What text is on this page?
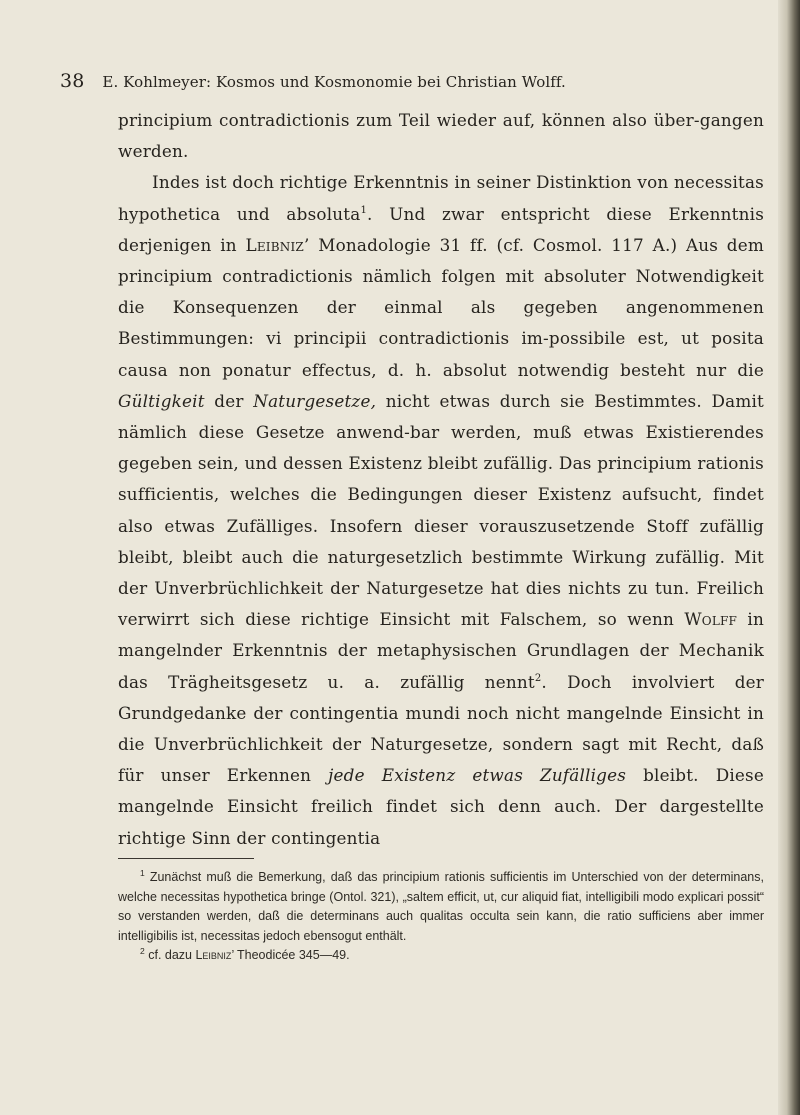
38 E. Kohlmeyer: Kosmos und Kosmonomie bei Christian Wolff.

principium contradictionis zum Teil wieder auf, können also über-gangen werden.

Indes ist doch richtige Erkenntnis in seiner Distinktion von necessitas hypothetica und absoluta$^1$. Und zwar entspricht diese Erkenntnis derjenigen in Leibniz’ Monadologie 31 ff. (cf. Cosmol. 117 A.) Aus dem principium contradictionis nämlich folgen mit absoluter Notwendigkeit die Konsequenzen der einmal als gegeben angenommenen Bestimmungen: vi principii contradictionis im-possibile est, ut posita causa non ponatur effectus, d. h. absolut notwendig besteht nur die Gültigkeit der Naturgesetze, nicht etwas durch sie Bestimmtes. Damit nämlich diese Gesetze anwend-bar werden, muß etwas Existierendes gegeben sein, und dessen Existenz bleibt zufällig. Das principium rationis sufficientis, welches die Bedingungen dieser Existenz aufsucht, findet also etwas Zufälliges. Insofern dieser vorauszusetzende Stoff zufällig bleibt, bleibt auch die naturgesetzlich bestimmte Wirkung zufällig. Mit der Unverbrüchlichkeit der Naturgesetze hat dies nichts zu tun. Freilich verwirrt sich diese richtige Einsicht mit Falschem, so wenn Wolff in mangelnder Erkenntnis der metaphysischen Grundlagen der Mechanik das Trägheitsgesetz u. a. zufällig nennt$^2$. Doch involviert der Grundgedanke der contingentia mundi noch nicht mangelnde Einsicht in die Unverbrüchlichkeit der Naturgesetze, sondern sagt mit Recht, daß für unser Erkennen jede Existenz etwas Zufälliges bleibt. Diese mangelnde Einsicht freilich findet sich denn auch. Der dargestellte richtige Sinn der contingentia

$^1$ Zunächst muß die Bemerkung, daß das principium rationis sufficientis im Unterschied von der determinans, welche necessitas hypothetica bringe (Ontol. 321), „saltem efficit, ut, cur aliquid fiat, intelligibili modo explicari possit“ so verstanden werden, daß die determinans auch qualitas occulta sein kann, die ratio sufficiens aber immer intelligibilis ist, necessitas jedoch ebensogut enthält.

$^2$ cf. dazu Leibniz’ Theodicée 345—49.
